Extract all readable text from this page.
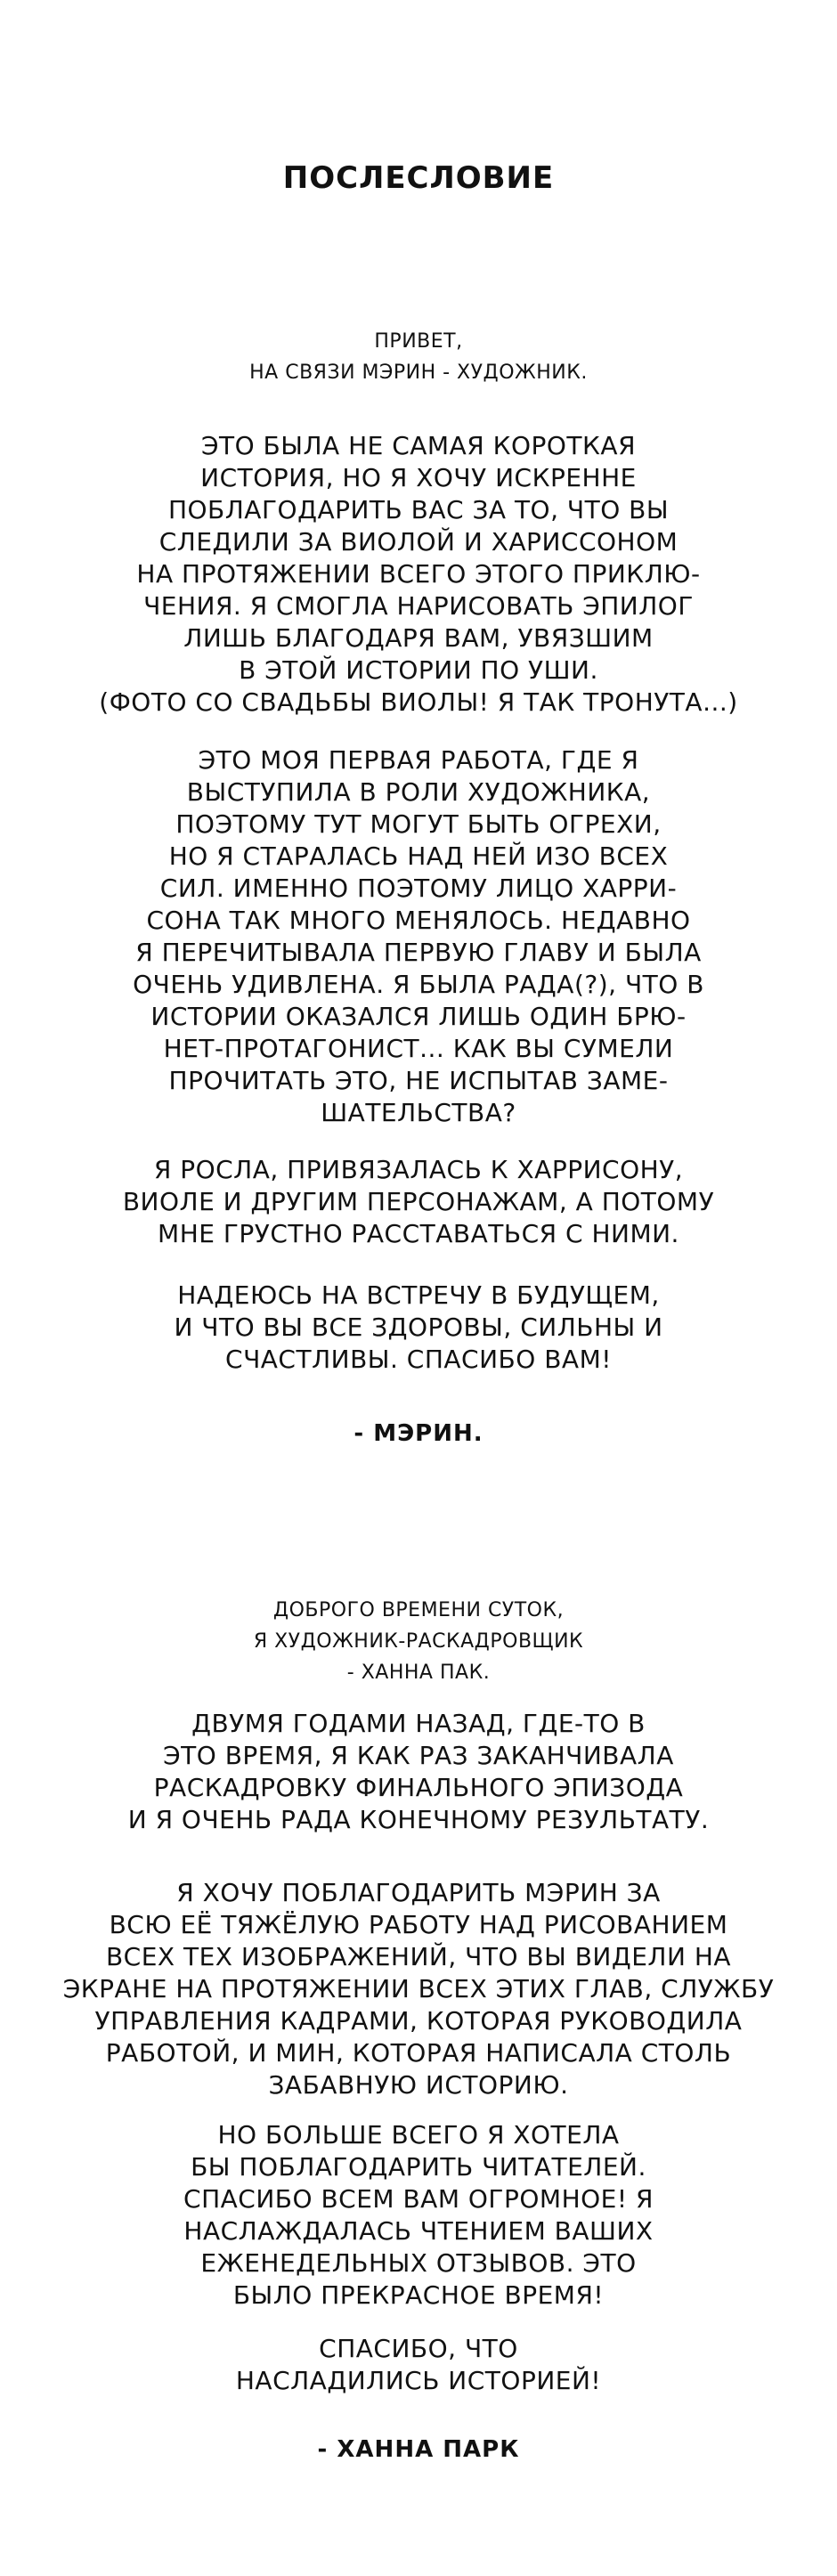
ПОСЛЕСЛОВИЕ
ПРИВЕТ,
НА СВЯЗИ МЭРИН - ХУДОЖНИК.
ЭТО БЫЛА НЕ САМАЯ КОРОТКАЯ
ИСТОРИЯ, НО Я ХОЧУ ИСКРЕННЕ
ПОБЛАГОДАРИТЬ ВАС ЗА ТО, ЧТО ВЫ
СЛЕДИЛИ ЗА ВИОЛОЙ И ХАРИССОНОМ
НА ПРОТЯЖЕНИИ ВСЕГО ЭТОГО ПРИКЛЮ-
ЧЕНИЯ. Я СМОГЛА НАРИСОВАТЬ ЭПИЛОГ
ЛИШЬ БЛАГОДАРЯ ВАМ, УВЯЗШИМ
В ЭТОЙ ИСТОРИИ ПО УШИ.
(ФОТО СО СВАДЬБЫ ВИОЛЫ! Я ТАК ТРОНУТА...)
ЭТО МОЯ ПЕРВАЯ РАБОТА, ГДЕ Я
ВЫСТУПИЛА В РОЛИ ХУДОЖНИКА,
ПОЭТОМУ ТУТ МОГУТ БЫТЬ ОГРЕХИ,
НО Я СТАРАЛАСЬ НАД НЕЙ ИЗО ВСЕХ
СИЛ. ИМЕННО ПОЭТОМУ ЛИЦО ХАРРИ-
СОНА ТАК МНОГО МЕНЯЛОСЬ. НЕДАВНО
Я ПЕРЕЧИТЫВАЛА ПЕРВУЮ ГЛАВУ И БЫЛА
ОЧЕНЬ УДИВЛЕНА. Я БЫЛА РАДА(?), ЧТО В
ИСТОРИИ ОКАЗАЛСЯ ЛИШЬ ОДИН БРЮ-
НЕТ-ПРОТАГОНИСТ... КАК ВЫ СУМЕЛИ
ПРОЧИТАТЬ ЭТО, НЕ ИСПЫТАВ ЗАМЕ-
ШАТЕЛЬСТВА?
Я РОСЛА, ПРИВЯЗАЛАСЬ К ХАРРИСОНУ,
ВИОЛЕ И ДРУГИМ ПЕРСОНАЖАМ, А ПОТОМУ
МНЕ ГРУСТНО РАССТАВАТЬСЯ С НИМИ.
НАДЕЮСЬ НА ВСТРЕЧУ В БУДУЩЕМ,
И ЧТО ВЫ ВСЕ ЗДОРОВЫ, СИЛЬНЫ И
СЧАСТЛИВЫ. СПАСИБО ВАМ!
- МЭРИН.
ДОБРОГО ВРЕМЕНИ СУТОК,
Я ХУДОЖНИК-РАСКАДРОВЩИК
- ХАННА ПАК.
ДВУМЯ ГОДАМИ НАЗАД, ГДЕ-ТО В
ЭТО ВРЕМЯ, Я КАК РАЗ ЗАКАНЧИВАЛА
РАСКАДРОВКУ ФИНАЛЬНОГО ЭПИЗОДА
И Я ОЧЕНЬ РАДА КОНЕЧНОМУ РЕЗУЛЬТАТУ.
Я ХОЧУ ПОБЛАГОДАРИТЬ МЭРИН ЗА
ВСЮ ЕЁ ТЯЖЁЛУЮ РАБОТУ НАД РИСОВАНИЕМ
ВСЕХ ТЕХ ИЗОБРАЖЕНИЙ, ЧТО ВЫ ВИДЕЛИ НА
ЭКРАНЕ НА ПРОТЯЖЕНИИ ВСЕХ ЭТИХ ГЛАВ, СЛУЖБУ
УПРАВЛЕНИЯ КАДРАМИ, КОТОРАЯ РУКОВОДИЛА
РАБОТОЙ, И МИН, КОТОРАЯ НАПИСАЛА СТОЛЬ
ЗАБАВНУЮ ИСТОРИЮ.
НО БОЛЬШЕ ВСЕГО Я ХОТЕЛА
БЫ ПОБЛАГОДАРИТЬ ЧИТАТЕЛЕЙ.
СПАСИБО ВСЕМ ВАМ ОГРОМНОЕ! Я
НАСЛАЖДАЛАСЬ ЧТЕНИЕМ ВАШИХ
ЕЖЕНЕДЕЛЬНЫХ ОТЗЫВОВ. ЭТО
БЫЛО ПРЕКРАСНОЕ ВРЕМЯ!
СПАСИБО, ЧТО
НАСЛАДИЛИСЬ ИСТОРИЕЙ!
- ХАННА ПАРК
